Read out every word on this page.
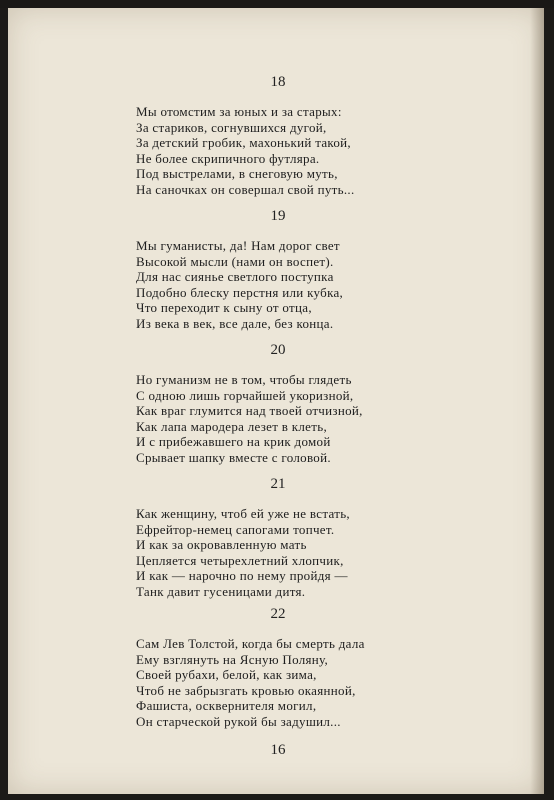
18
Мы отомстим за юных и за старых:
За стариков, согнувшихся дугой,
За детский гробик, махонький такой,
Не более скрипичного футляра.
Под выстрелами, в снеговую муть,
На саночках он совершал свой путь...
19
Мы гуманисты, да! Нам дорог свет
Высокой мысли (нами он воспет).
Для нас сиянье светлого поступка
Подобно блеску перстня или кубка,
Что переходит к сыну от отца,
Из века в век, все дале, без конца.
20
Но гуманизм не в том, чтобы глядеть
С одною лишь горчайшей укоризной,
Как враг глумится над твоей отчизной,
Как лапа мародера лезет в клеть,
И с прибежавшего на крик домой
Срывает шапку вместе с головой.
21
Как женщину, чтоб ей уже не встать,
Ефрейтор-немец сапогами топчет.
И как за окровавленную мать
Цепляется четырехлетний хлопчик,
И как — нарочно по нему пройдя —
Танк давит гусеницами дитя.
22
Сам Лев Толстой, когда бы смерть дала
Ему взглянуть на Ясную Поляну,
Своей рубахи, белой, как зима,
Чтоб не забрызгать кровью окаянной,
Фашиста, осквернителя могил,
Он старческой рукой бы задушил...
16
